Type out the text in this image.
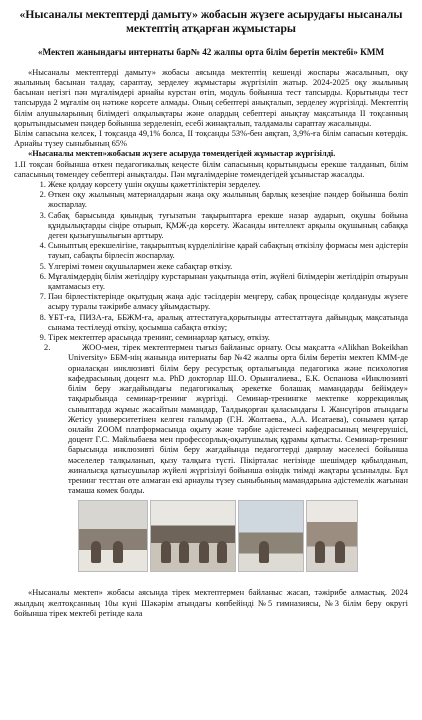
«Нысаналы мектептерді дамыту» жобасын жүзеге асырудағы нысаналы мектептің атқарған жұмыстары
«Мектеп жанындағы интернаты бар№ 42 жалпы орта білім беретін мектебі» КММ
«Нысаналы мектептерді дамыту» жобасы аясында мектептің кешенді жоспары жасалынып, оқу жылының басынан талдау, сараптау, зерделеу жұмыстары жүргізіліп жатыр. 2024-2025 оқу жылының басынан негізгі пән мұғалімдері арнайы курстан өтіп, модуль бойынша тест тапсырды. Қорытынды тест тапсыруда 2 мұғалім оң нәтиже көрсете алмады. Оның себептері анықталып, зерделеу жүргізілді. Мектептің білім алушыларының білімдегі олқылықтары және олардың себептері анықтау мақсатында II тоқсанның қорытындысымен пәндер бойынша зерделеніп, есебі жинақталып, талдамалы сараптау жасалынды.
Білім сапасына келсек, I тоқсанда 49,1% болса, II тоқсанды 53%-бен аяқтап, 3,9%-ға білім сапасын көтердік. Арнайы түзеу сыныбының 65%
«Нысаналы мектеп»жобасын жүзеге асыруда төмендегідей жұмыстар жүргізілді.
1.II тоқсан бойынша өткен педагогикалық кеңесте білім сапасының қорытындысы ерекше талданып, білім сапасының төмендеу себептері анықталды. Пән мұғалімдеріне төмендегідей ұсыныстар жасалды.
1. Жеке қолдау көрсету үшін оқушы қажеттіліктерін зерделеу.
2. Өткен оқу жылының материалдарын жаңа оқу жылының барлық кезеңіне пәндер бойынша бөліп жоспарлау.
3. Сабақ барысында қиындық туғызатын тақырыптарға ерекше назар аударып, оқушы бойына құндылықтарды сіңіре отырып, ҚМЖ-да көрсету. Жасанды интеллект арқылы оқушының сабаққа деген қызығушылығын арттыру.
4. Сыныптың ерекшелігіне, тақырыптың күрделілігіне қарай сабақтың өткізілу формасы мен әдістерін тауып, сабақты бірлесіп жоспарлау.
5. Үлгерімі төмен оқушылармен жеке сабақтар өткізу.
6. Мұғалімдердің білім жетілдіру курстарынан уақытында өтіп, жүйелі білімдерін жетілдіріп отыруын қамтамасыз ету.
7. Пән бірлестіктерінде оқытудың жаңа әдіс тәсілдерін меңгеру, сабақ процесінде қолдануды жүзеге асыру туралы тәжірибе алмасу ұйымдастыру.
8. ҰБТ-ға, ПИЗА-ға, ББЖМ-ға, аралық аттестатуға,қорытынды аттестаттауға дайындық мақсатында сынама тестілеуді өткізу, қосымша сабақта өткізу;
9. Тірек мектептер арасында тренинг, семинарлар қатысу, өткізу.
2.	ЖОО-мен, тірек мектептермен тығыз байланыс орнату. Осы мақсатта «Alikhan Bokeikhan University» ББМ-нің жанында интернаты бар №42 жалпы орта білім беретін мектеп КММ-де орналасқан инклюзивті білім беру ресурстық орталығында педагогика және психология кафедрасының доцент м.а. PhD докторлар Ш.О. Орынғалиева., Б.К. Оспанова «Инклюзивті білім беру жағдайындағы педагогикалық әрекетке болашақ мамандарды бейімдеу» тақырыбында семинар-тренинг жүргізді. Семинар-тренингке мектепке коррекциялық сыныптарда жұмыс жасайтын мамандар, Талдықорған қаласындағы І. Жансүгіров атындағы Жетісу университетінен келген ғалымдар (Г.Н. Жолтаева., А.А. Исатаева), сонымен қатар онлайн ZOOM платформасында оқыту және тәрбие әдістемесі кафедрасының меңгерушісі, доцент Г.С. Майлыбаева мен профессорлық-оқытушылық құрамы қатысты. Семинар-тренинг барысында инклюзивті білім беру жағдайында педагогтерді даярлау мәселесі бойынша мәселелер талқыланып, қызу талқыға түсті. Пікірталас негізінде шешімдер қабылданып, жиналысқа қатысушылар жүйелі жүргізілуі бойынша өзіндік тиімді жақтары ұсынылды. Бұл тренинг тесттан өте алмаған екі арнаулы түзеу сыныбының мамандарына әдістемелік жағынан тамаша көмек болды.
«Нысаналы мектеп» жобасы аясында тірек мектептермен байланыс жасап, тәжірибе алмастық. 2024 жылдың желтоқсанның 10ы күні Шәкәрім атындағы көпбейінді №5 гимназиясы, №3 білім беру округі бойынша тірек мектебі ретінде кала
